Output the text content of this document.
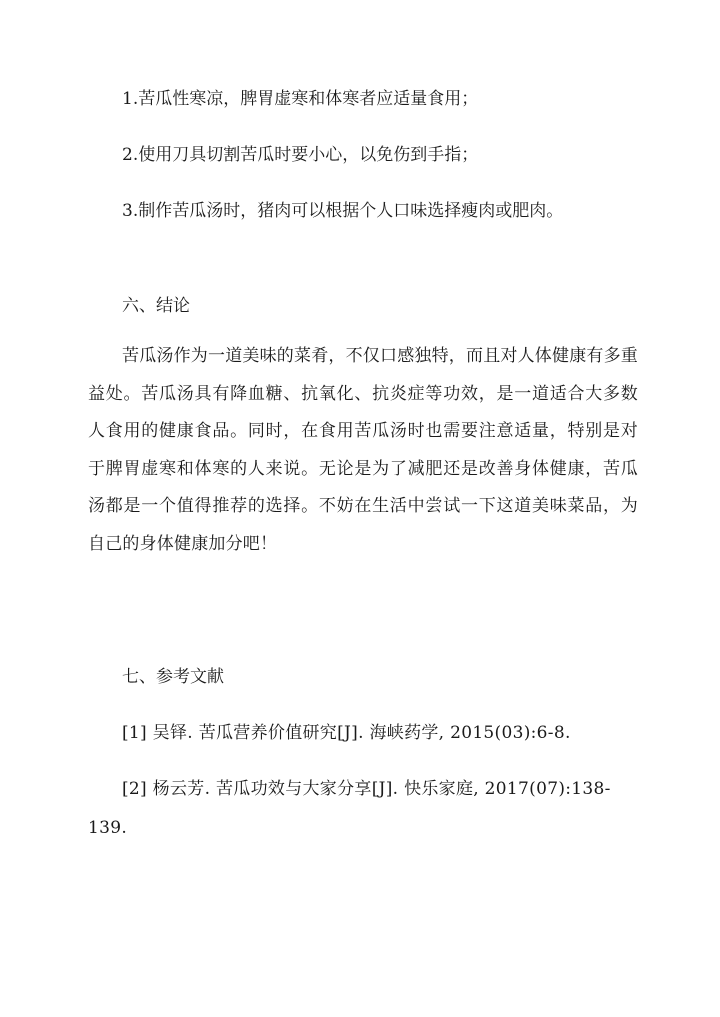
1.苦瓜性寒凉，脾胃虚寒和体寒者应适量食用；
2.使用刀具切割苦瓜时要小心，以免伤到手指；
3.制作苦瓜汤时，猪肉可以根据个人口味选择瘦肉或肥肉。
六、结论
苦瓜汤作为一道美味的菜肴，不仅口感独特，而且对人体健康有多重益处。苦瓜汤具有降血糖、抗氧化、抗炎症等功效，是一道适合大多数人食用的健康食品。同时，在食用苦瓜汤时也需要注意适量，特别是对于脾胃虚寒和体寒的人来说。无论是为了减肥还是改善身体健康，苦瓜汤都是一个值得推荐的选择。不妨在生活中尝试一下这道美味菜品，为自己的身体健康加分吧！
七、参考文献
[1] 吴铎. 苦瓜营养价值研究[J]. 海峡药学, 2015(03):6-8.
[2] 杨云芳. 苦瓜功效与大家分享[J]. 快乐家庭, 2017(07):138-139.
